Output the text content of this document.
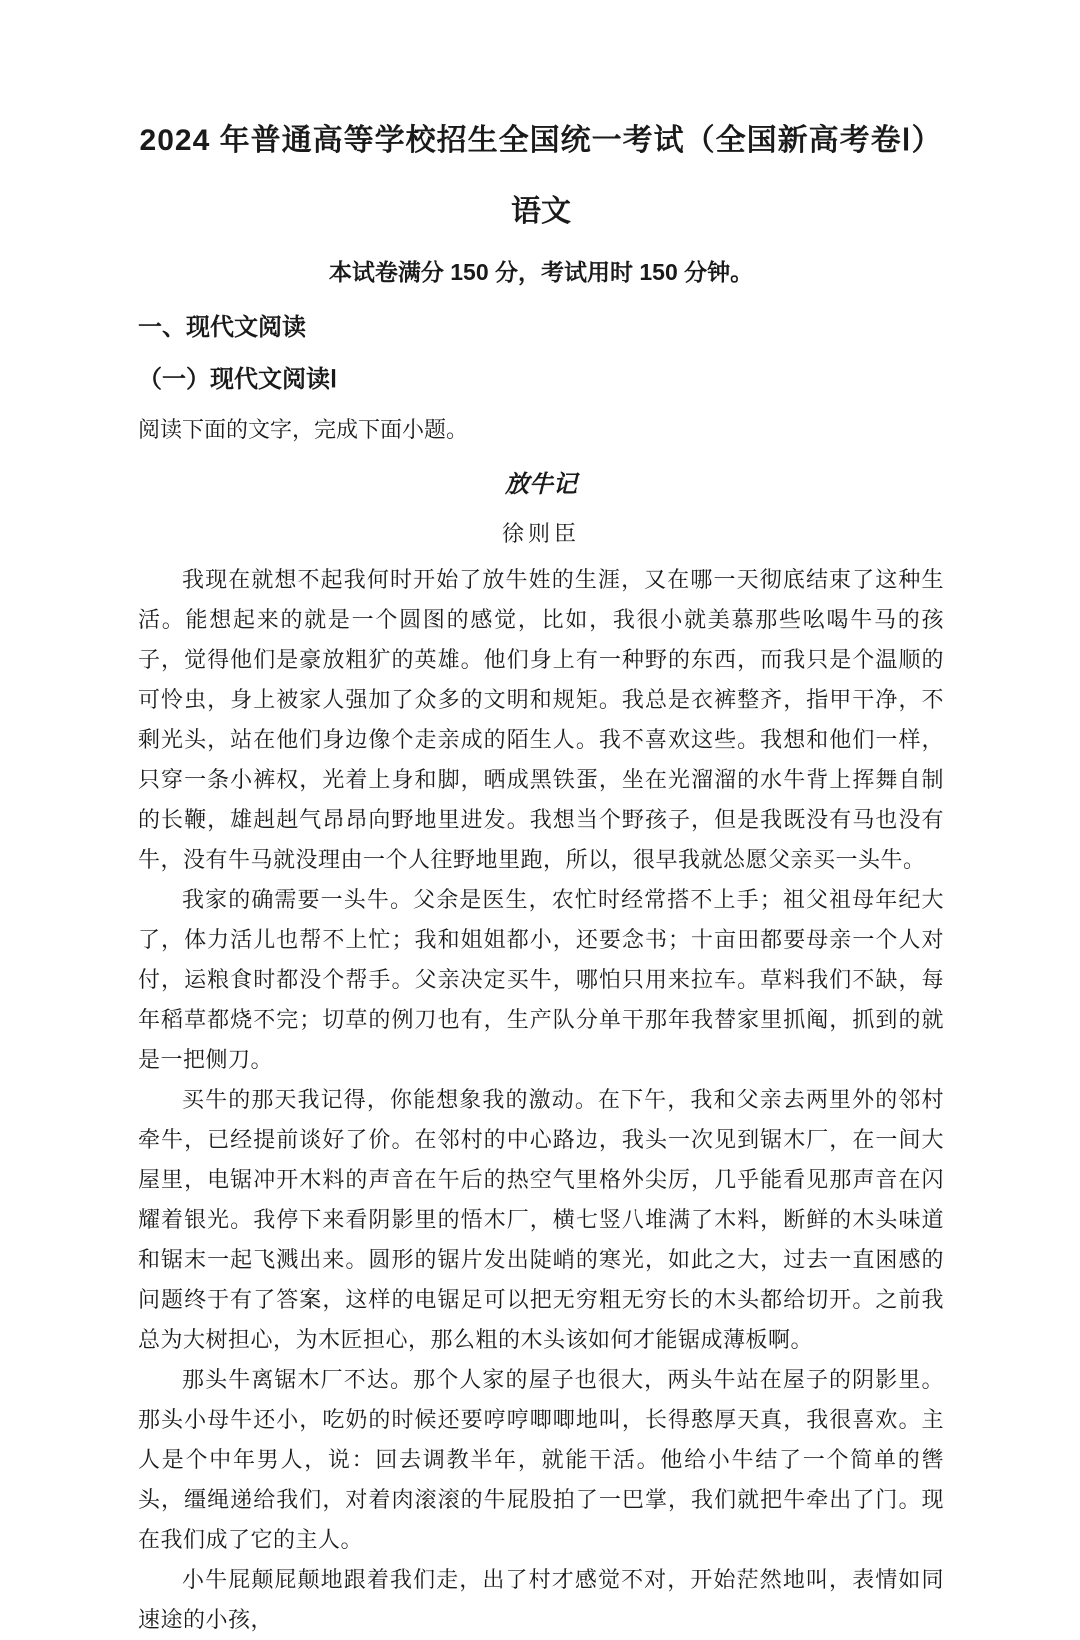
2024 年普通高等学校招生全国统一考试（全国新高考卷Ⅰ）
语文
本试卷满分 150 分，考试用时 150 分钟。
一、现代文阅读
（一）现代文阅读Ⅰ
阅读下面的文字，完成下面小题。
放牛记
徐则臣

我现在就想不起我何时开始了放牛姓的生涯，又在哪一天彻底结束了这种生活。能想起来的就是一个圆图的感觉，比如，我很小就美慕那些吆喝牛马的孩子，觉得他们是豪放粗犷的英雄。他们身上有一种野的东西，而我只是个温顺的可怜虫，身上被家人强加了众多的文明和规矩。我总是衣裤整齐，指甲干净，不剩光头，站在他们身边像个走亲成的陌生人。我不喜欢这些。我想和他们一样，只穿一条小裤权，光着上身和脚，晒成黑铁蛋，坐在光溜溜的水牛背上挥舞自制的长鞭，雄赳赳气昂昂向野地里进发。我想当个野孩子，但是我既没有马也没有牛，没有牛马就没理由一个人往野地里跑，所以，很早我就怂愿父亲买一头牛。

我家的确需要一头牛。父余是医生，农忙时经常搭不上手；祖父祖母年纪大了，体力活儿也帮不上忙；我和姐姐都小，还要念书；十亩田都要母亲一个人对付，运粮食时都没个帮手。父亲决定买牛，哪怕只用来拉车。草料我们不缺，每年稻草都烧不完；切草的例刀也有，生产队分单干那年我替家里抓阄，抓到的就是一把侧刀。

买牛的那天我记得，你能想象我的激动。在下午，我和父亲去两里外的邻村牵牛，已经提前谈好了价。在邻村的中心路边，我头一次见到锯木厂，在一间大屋里，电锯冲开木料的声音在午后的热空气里格外尖厉，几乎能看见那声音在闪耀着银光。我停下来看阴影里的悟木厂，横七竖八堆满了木料，断鲜的木头味道和锯末一起飞溅出来。圆形的锯片发出陡峭的寒光，如此之大，过去一直困感的问题终于有了答案，这样的电锯足可以把无穷粗无穷长的木头都给切开。之前我总为大树担心，为木匠担心，那么粗的木头该如何才能锯成薄板啊。

那头牛离锯木厂不达。那个人家的屋子也很大，两头牛站在屋子的阴影里。那头小母牛还小，吃奶的时候还要哼哼唧唧地叫，长得憨厚天真，我很喜欢。主人是个中年男人，说：回去调教半年，就能干活。他给小牛结了一个简单的辔头，缰绳递给我们，对着肉滚滚的牛屁股拍了一巴掌，我们就把牛牵出了门。现在我们成了它的主人。

小牛屁颠屁颠地跟着我们走，出了村才感觉不对，开始茫然地叫，表情如同速途的小孩，
